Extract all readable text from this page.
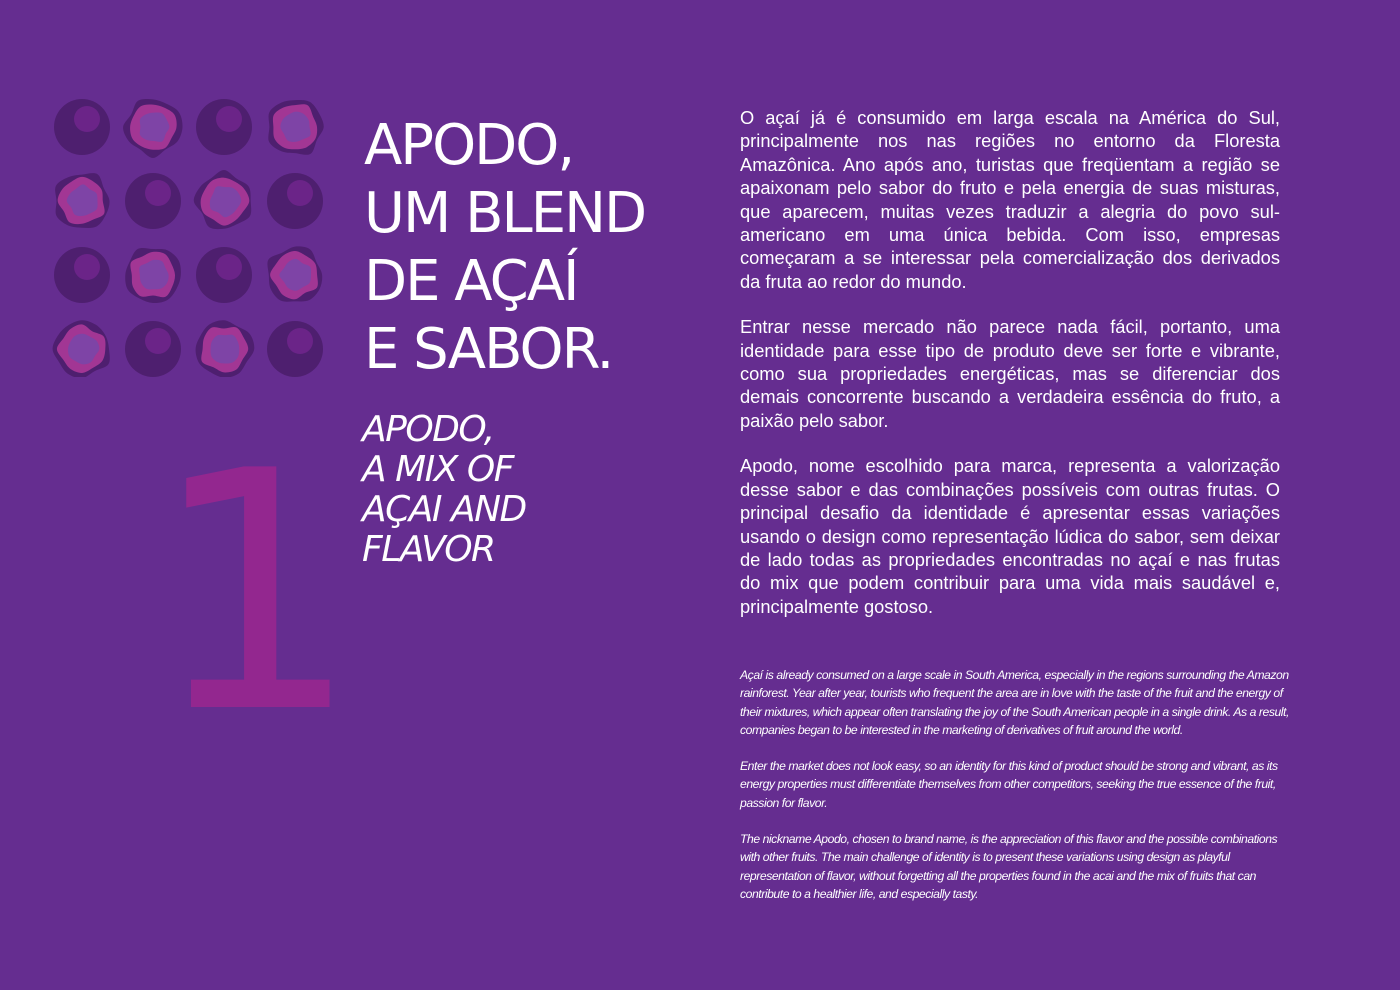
1
APODO,
UM BLEND
DE AÇAÍ
E SABOR.
APODO,
A MIX OF
AÇAI AND
FLAVOR

O açaí já é consumido em larga escala na América do Sul, principalmente nos nas regiões no entorno da Floresta Amazônica. Ano após ano, turistas que freqüentam a região se apaixonam pelo sabor do fruto e pela energia de suas misturas, que aparecem, muitas vezes traduzir a alegria do povo sul-americano em uma única bebida. Com isso, empresas começaram a se interessar pela comercialização dos derivados da fruta ao redor do mundo.

Entrar nesse mercado não parece nada fácil, portanto, uma identidade para esse tipo de produto deve ser forte e vibrante, como sua propriedades energéticas, mas se diferenciar dos demais concorrente buscando a verdadeira essência do fruto, a paixão pelo sabor.

Apodo, nome escolhido para marca, representa a valorização desse sabor e das combinações possíveis com outras frutas. O principal desafio da identidade é apresentar essas variações usando o design como representação lúdica do sabor, sem deixar de lado todas as propriedades encontradas no açaí e nas frutas do mix que podem contribuir para uma vida mais saudável e, principalmente gostoso.

Açaí is already consumed on a large scale in South America, especially in the regions surrounding the Amazon rainforest. Year after year, tourists who frequent the area are in love with the taste of the fruit and the energy of their mixtures, which appear often translating the joy of the South American people in a single drink. As a result, companies began to be interested in the marketing of derivatives of fruit around the world.

Enter the market does not look easy, so an identity for this kind of product should be strong and vibrant, as its energy properties must differentiate themselves from other competitors, seeking the true essence of the fruit, passion for flavor.

The nickname Apodo, chosen to brand name, is the appreciation of this flavor and the possible combinations with other fruits. The main challenge of identity is to present these variations using design as playful representation of flavor, without forgetting all the properties found in the acai and the mix of fruits that can contribute to a healthier life, and especially tasty.
